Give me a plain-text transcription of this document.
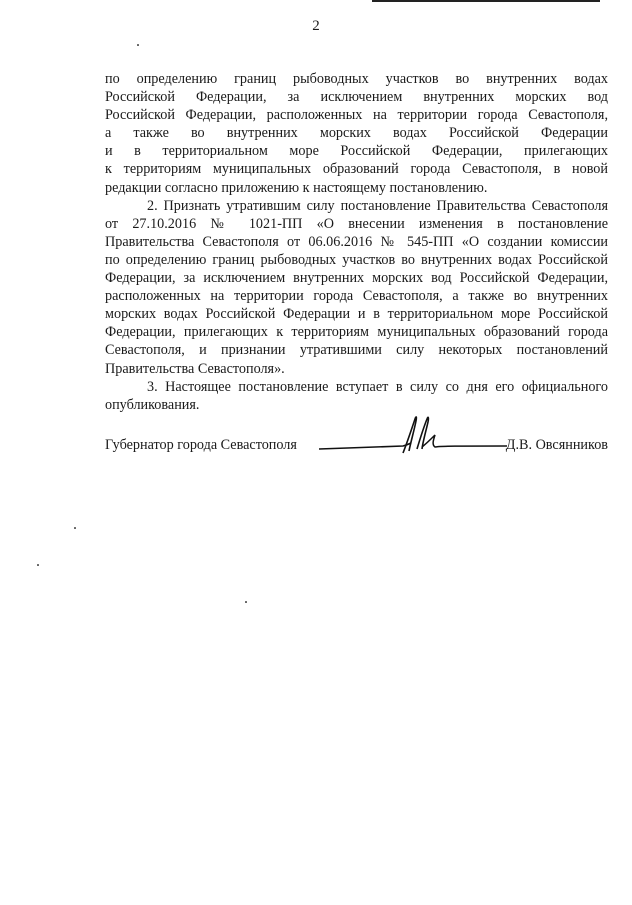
2
по определению границ рыбоводных участков во внутренних водах
Российской Федерации, за исключением внутренних морских вод
Российской Федерации, расположенных на территории города Севастополя,
а также во внутренних морских водах Российской Федерации
и в территориальном море Российской Федерации, прилегающих
к территориям муниципальных образований города Севастополя, в новой
редакции согласно приложению к настоящему постановлению.
2. Признать утратившим силу постановление Правительства Севастополя
от 27.10.2016 № 1021-ПП «О внесении изменения в постановление
Правительства Севастополя от 06.06.2016 № 545-ПП «О создании комиссии
по определению границ рыбоводных участков во внутренних водах Российской
Федерации, за исключением внутренних морских вод Российской Федерации,
расположенных на территории города Севастополя, а также во внутренних
морских водах Российской Федерации и в территориальном море Российской
Федерации, прилегающих к территориям муниципальных образований города
Севастополя, и признании утратившими силу некоторых постановлений
Правительства Севастополя».
3. Настоящее постановление вступает в силу со дня его официального
опубликования.
Губернатор города Севастополя	Д.В. Овсянников
